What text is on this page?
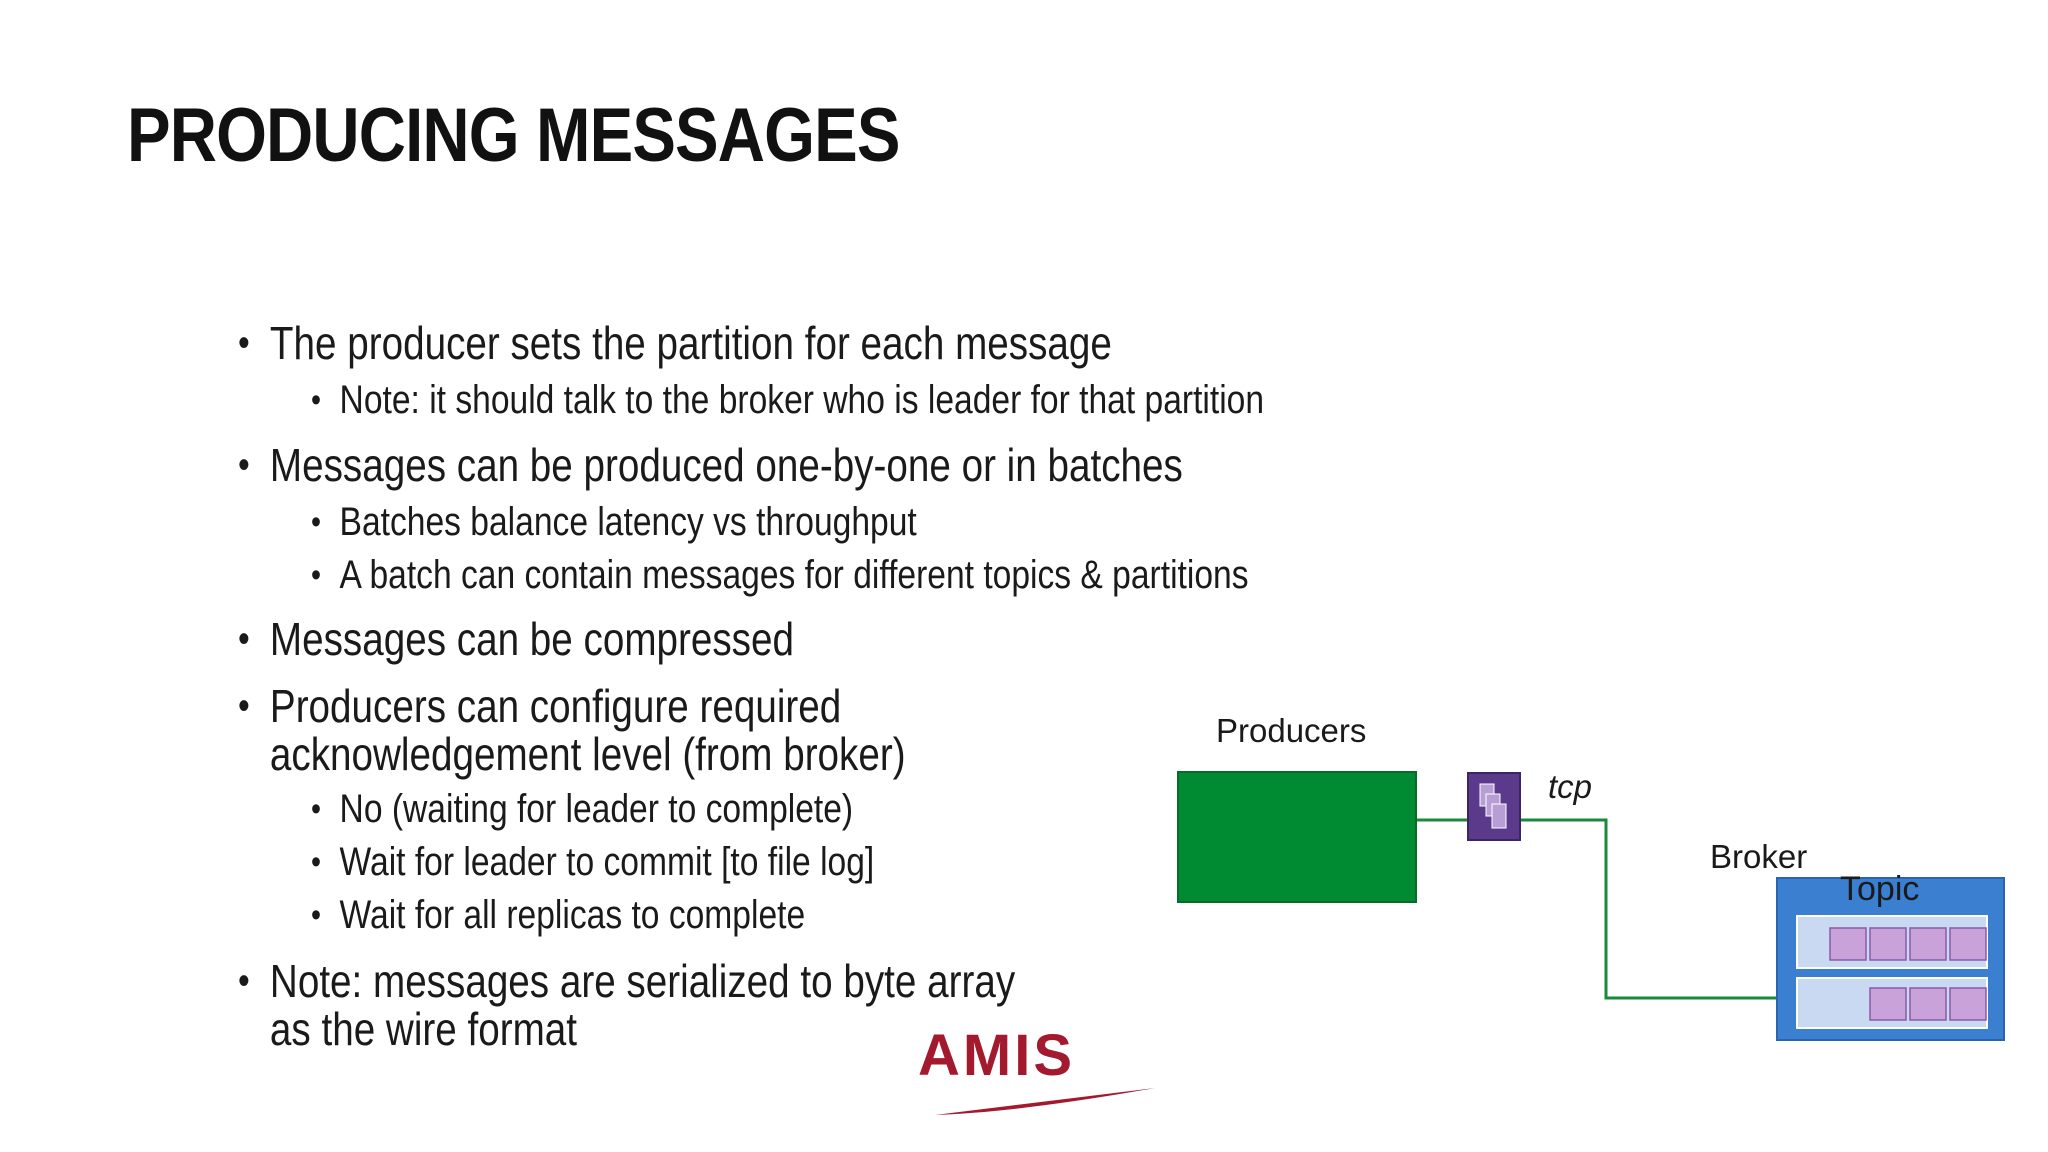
PRODUCING MESSAGES
• The producer sets the partition for each message
• Note: it should talk to the broker who is leader for that partition
• Messages can be produced one-by-one or in batches
• Batches balance latency vs throughput
• A batch can contain messages for different topics & partitions
• Messages can be compressed
• Producers can configure required
acknowledgement level (from broker)
• No (waiting for leader to complete)
• Wait for leader to commit [to file log]
• Wait for all replicas to complete
• Note: messages are serialized to byte array
as the wire format
Producers
tcp
Broker
Topic
AMIS
